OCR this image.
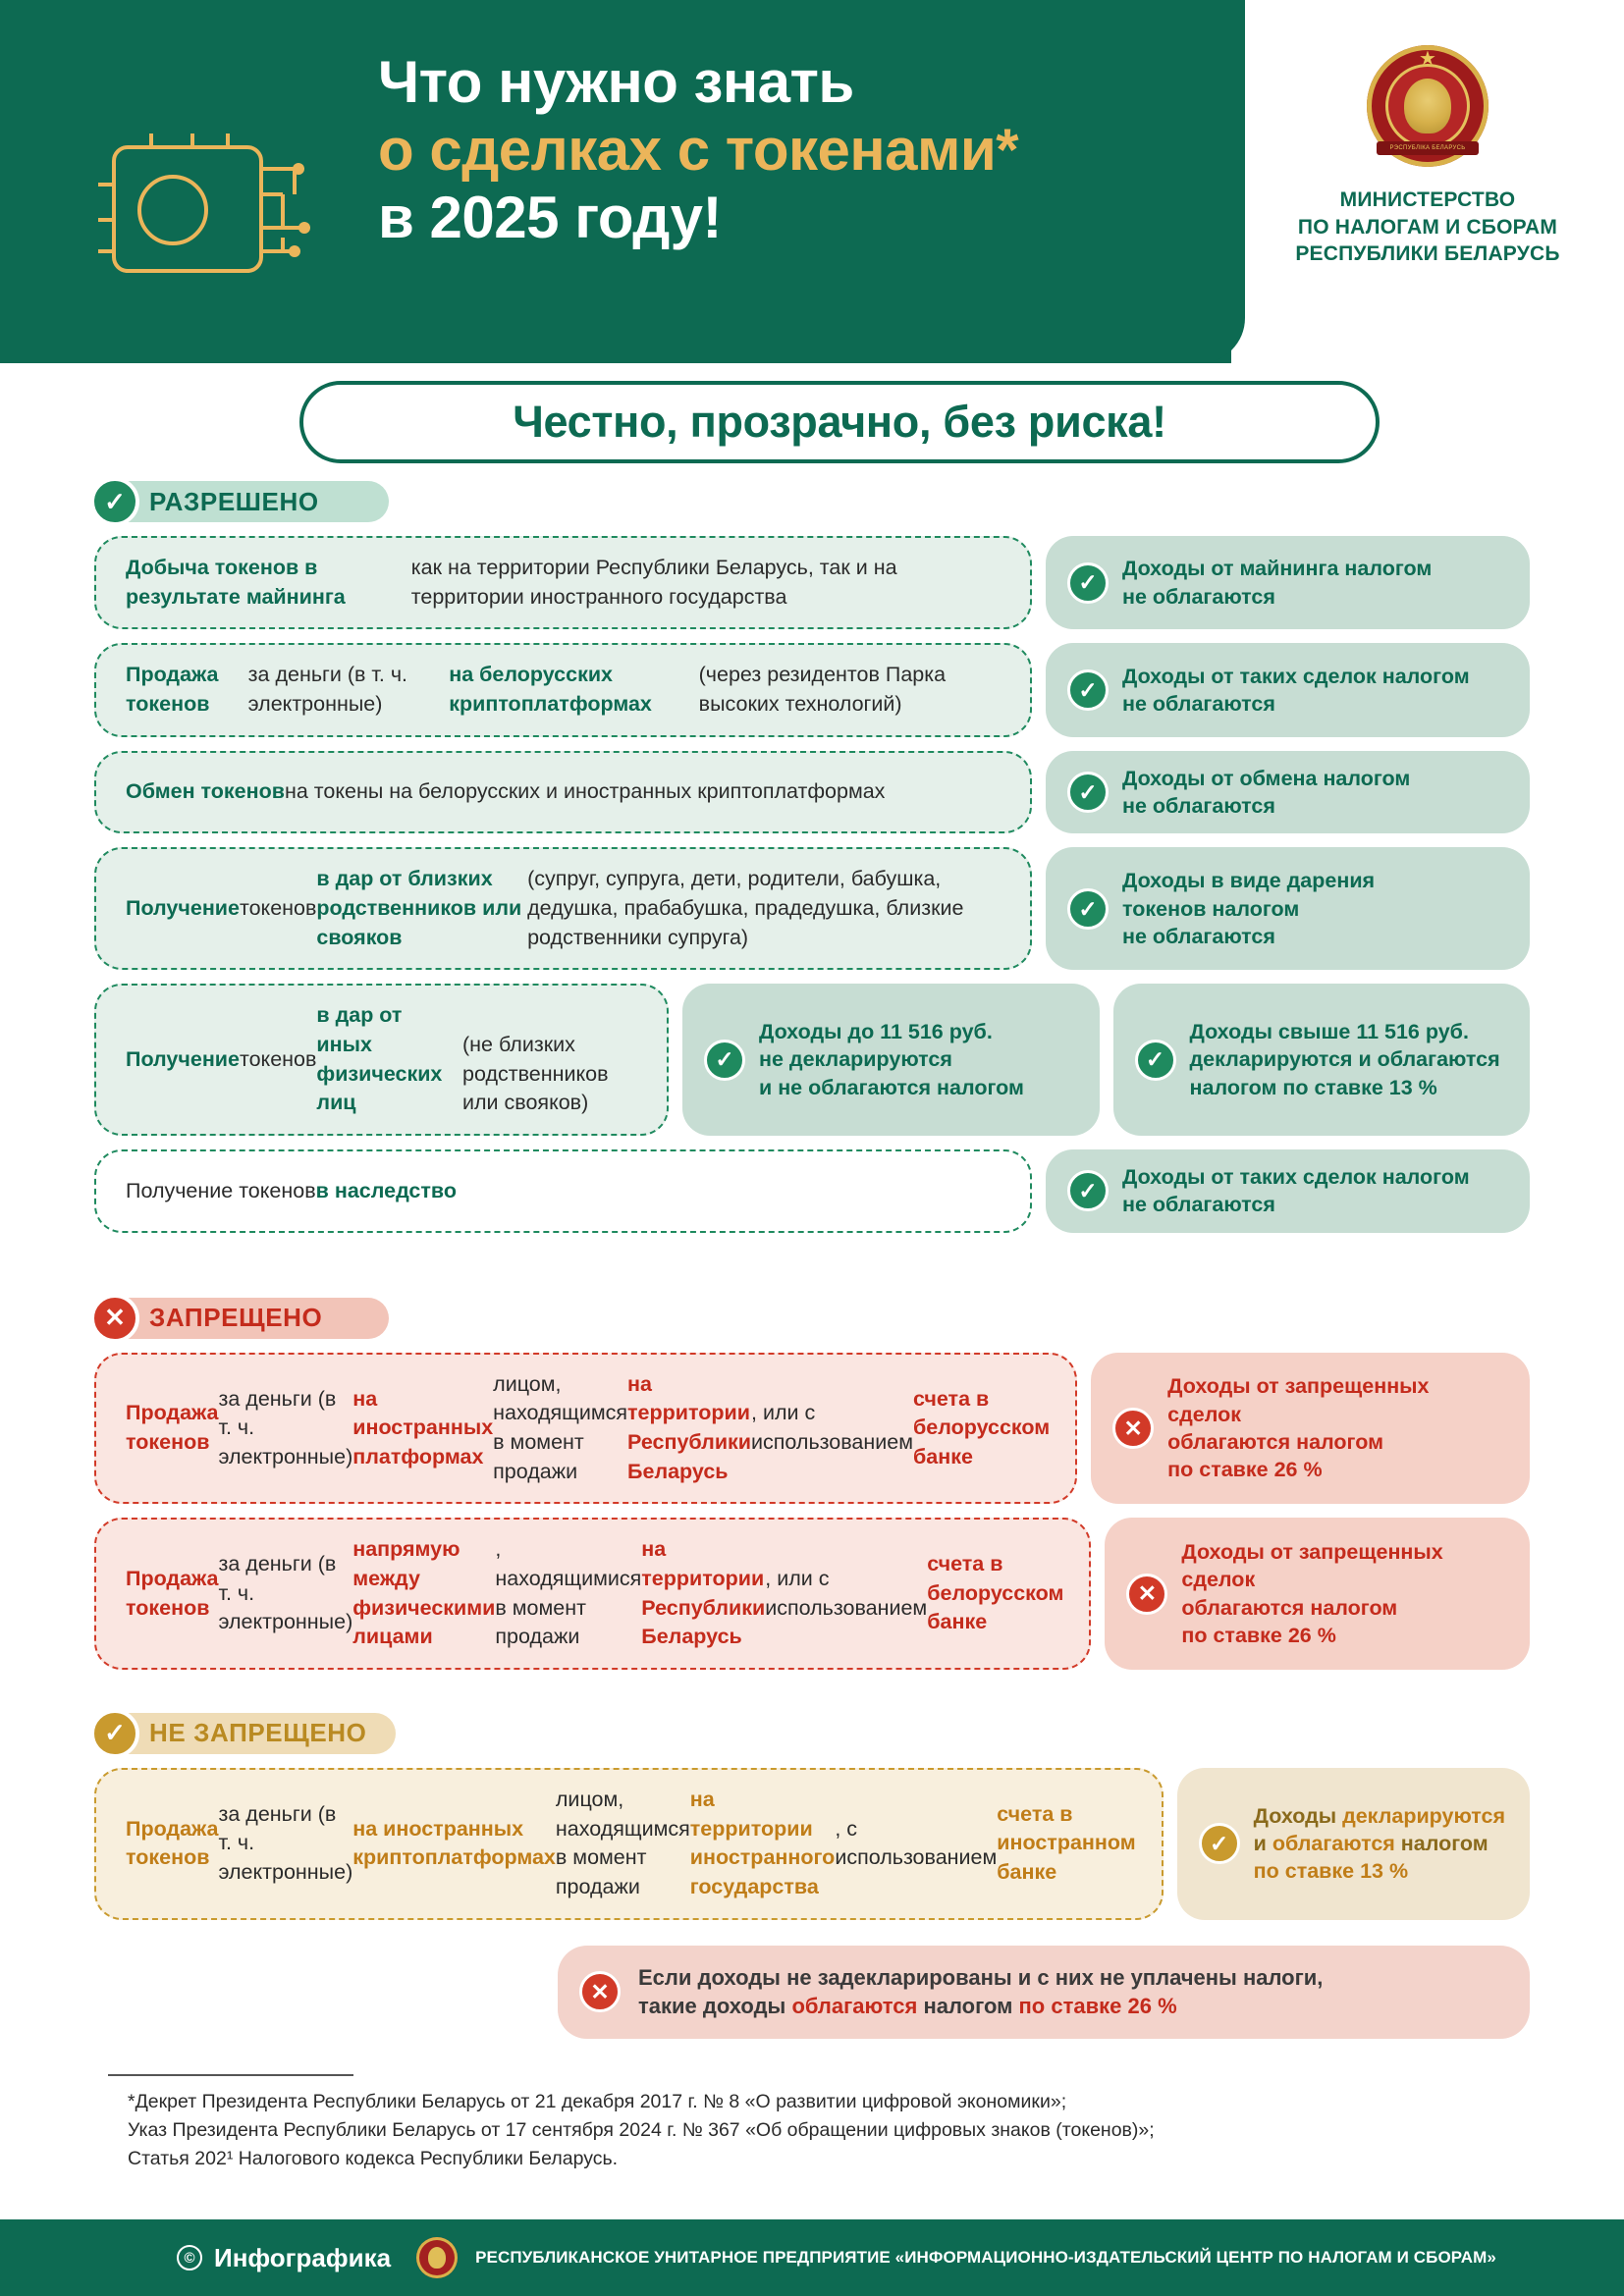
★
РЭСПУБЛІКА БЕЛАРУСЬ
МИНИСТЕРСТВО
ПО НАЛОГАМ И СБОРАМ
РЕСПУБЛИКИ БЕЛАРУСЬ
Что нужно знать
о сделках с токенами*
в 2025 году!
Честно, прозрачно, без риска!
РАЗРЕШЕНО
✓
Добыча токенов в результате майнинга
как на территории Республики Беларусь, так и на территории иностранного государства
✓
Доходы от майнинга налогом
не облагаются
Продажа токенов
за деньги (в т. ч. электронные)
на белорусских криптоплатформах
(через резидентов Парка высоких технологий)
✓
Доходы от таких сделок налогом
не облагаются
Обмен токенов на токены на белорусских и иностранных криптоплатформах	✓
Доходы от обмена налогом
не облагаются
Получение токенов
в дар от близких родственников или свояков
(супруг, супруга, дети, родители, бабушка, дедушка, прабабушка, прадедушка, близкие родственники супруга)
✓
Доходы в виде дарения
токенов налогом
не облагаются
Получение токенов

в дар от иных физических лиц

(не близких родственников или свояков)
✓
Доходы до 11 516 руб.
не декларируются
и не облагаются налогом
✓
Доходы свыше 11 516 руб.
декларируются и облагаются
налогом по ставке 13 %
Получение токенов в наследство	✓
Доходы от таких сделок налогом
не облагаются
ЗАПРЕЩЕНО
✕
Продажа токенов
за деньги (в т. ч. электронные)
на иностранных платформах
лицом, находящимся в момент продажи
на территории Республики Беларусь
, или с использованием
счета в белорусском банке
✕
Доходы от запрещенных сделок
облагаются налогом
по ставке 26 %
Продажа токенов
за деньги (в т. ч. электронные)
напрямую между физическими лицами
, находящимися в момент продажи
на территории Республики Беларусь
, или с использованием
счета в белорусском банке
✕
Доходы от запрещенных сделок
облагаются налогом
по ставке 26 %
НЕ ЗАПРЕЩЕНО
✓
Продажа токенов
за деньги (в т. ч. электронные)
на иностранных криптоплатформах
лицом, находящимся в момент продажи
на территории иностранного государства
, с использованием
счета в иностранном банке
✓
Доходы декларируются
и облагаются налогом
по ставке 13 %
✕
Если доходы не задекларированы и с них не уплачены налоги,
такие доходы облагаются налогом по ставке 26 %
*Декрет Президента Республики Беларусь от 21 декабря 2017 г. № 8 «О развитии цифровой экономики»;
Указ Президента Республики Беларусь от 17 сентября 2024 г. № 367 «Об обращении цифровых знаков (токенов)»;
Статья 202¹ Налогового кодекса Республики Беларусь.
© Инфографика	РЕСПУБЛИКАНСКОЕ УНИТАРНОЕ ПРЕДПРИЯТИЕ «ИНФОРМАЦИОННО-ИЗДАТЕЛЬСКИЙ ЦЕНТР ПО НАЛОГАМ И СБОРАМ»
